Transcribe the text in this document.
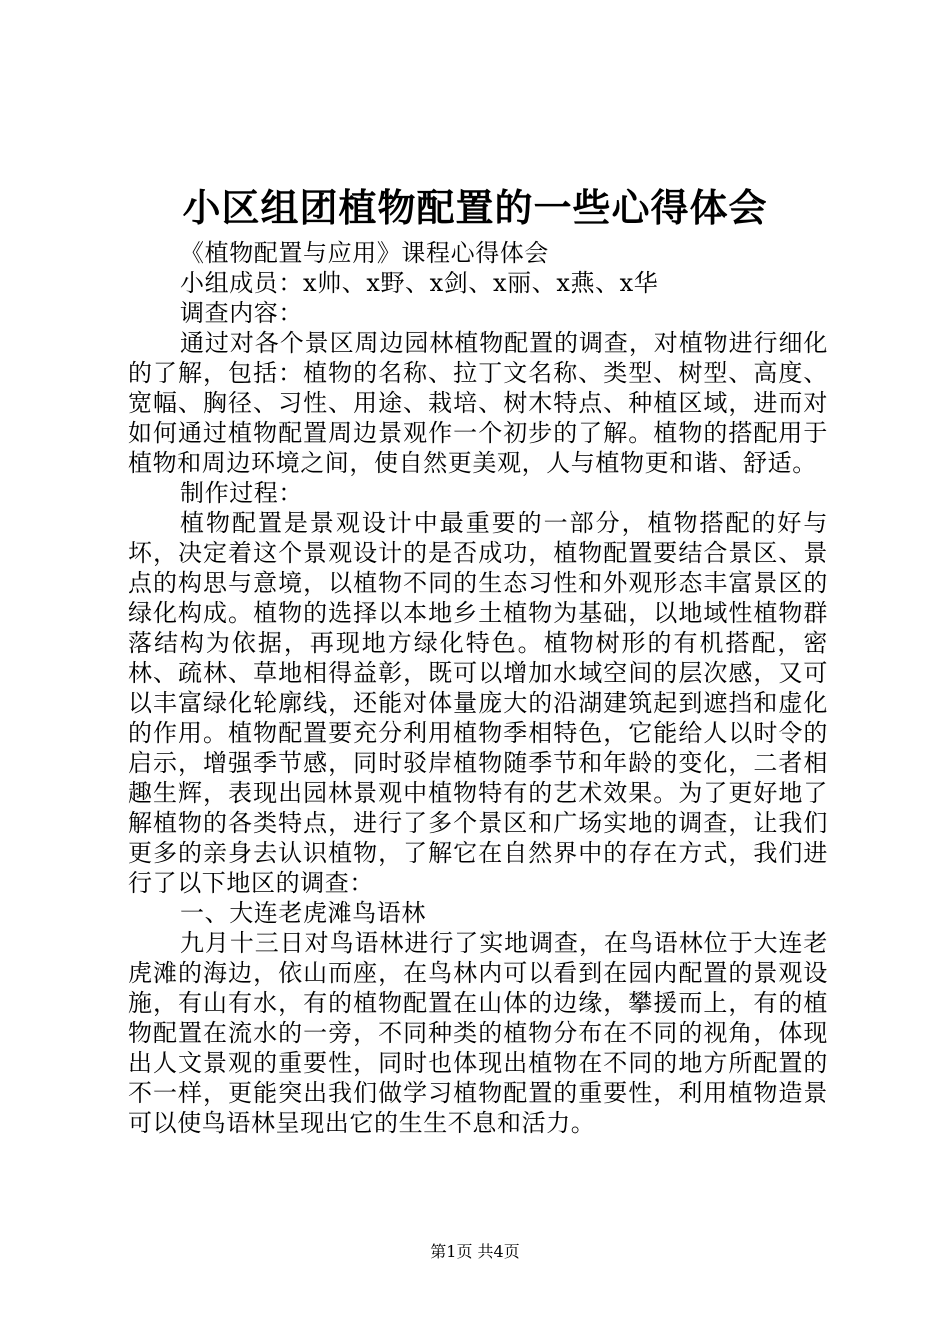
小区组团植物配置的一些心得体会

《植物配置与应用》课程心得体会

小组成员：x帅、x野、x剑、x丽、x燕、x华

调查内容：

通过对各个景区周边园林植物配置的调查，对植物进行细化的了解，包括：植物的名称、拉丁文名称、类型、树型、高度、宽幅、胸径、习性、用途、栽培、树木特点、种植区域，进而对如何通过植物配置周边景观作一个初步的了解。植物的搭配用于植物和周边环境之间，使自然更美观，人与植物更和谐、舒适。

制作过程：

植物配置是景观设计中最重要的一部分，植物搭配的好与坏，决定着这个景观设计的是否成功，植物配置要结合景区、景点的构思与意境，以植物不同的生态习性和外观形态丰富景区的绿化构成。植物的选择以本地乡土植物为基础，以地域性植物群落结构为依据，再现地方绿化特色。植物树形的有机搭配，密林、疏林、草地相得益彰，既可以增加水域空间的层次感，又可以丰富绿化轮廓线，还能对体量庞大的沿湖建筑起到遮挡和虚化的作用。植物配置要充分利用植物季相特色，它能给人以时令的启示，增强季节感，同时驳岸植物随季节和年龄的变化，二者相趣生辉，表现出园林景观中植物特有的艺术效果。为了更好地了解植物的各类特点，进行了多个景区和广场实地的调查，让我们更多的亲身去认识植物，了解它在自然界中的存在方式，我们进行了以下地区的调查：

一、大连老虎滩鸟语林

九月十三日对鸟语林进行了实地调查，在鸟语林位于大连老虎滩的海边，依山而座，在鸟林内可以看到在园内配置的景观设施，有山有水，有的植物配置在山体的边缘，攀援而上，有的植物配置在流水的一旁，不同种类的植物分布在不同的视角，体现出人文景观的重要性，同时也体现出植物在不同的地方所配置的不一样，更能突出我们做学习植物配置的重要性，利用植物造景可以使鸟语林呈现出它的生生不息和活力。

第1页 共4页
